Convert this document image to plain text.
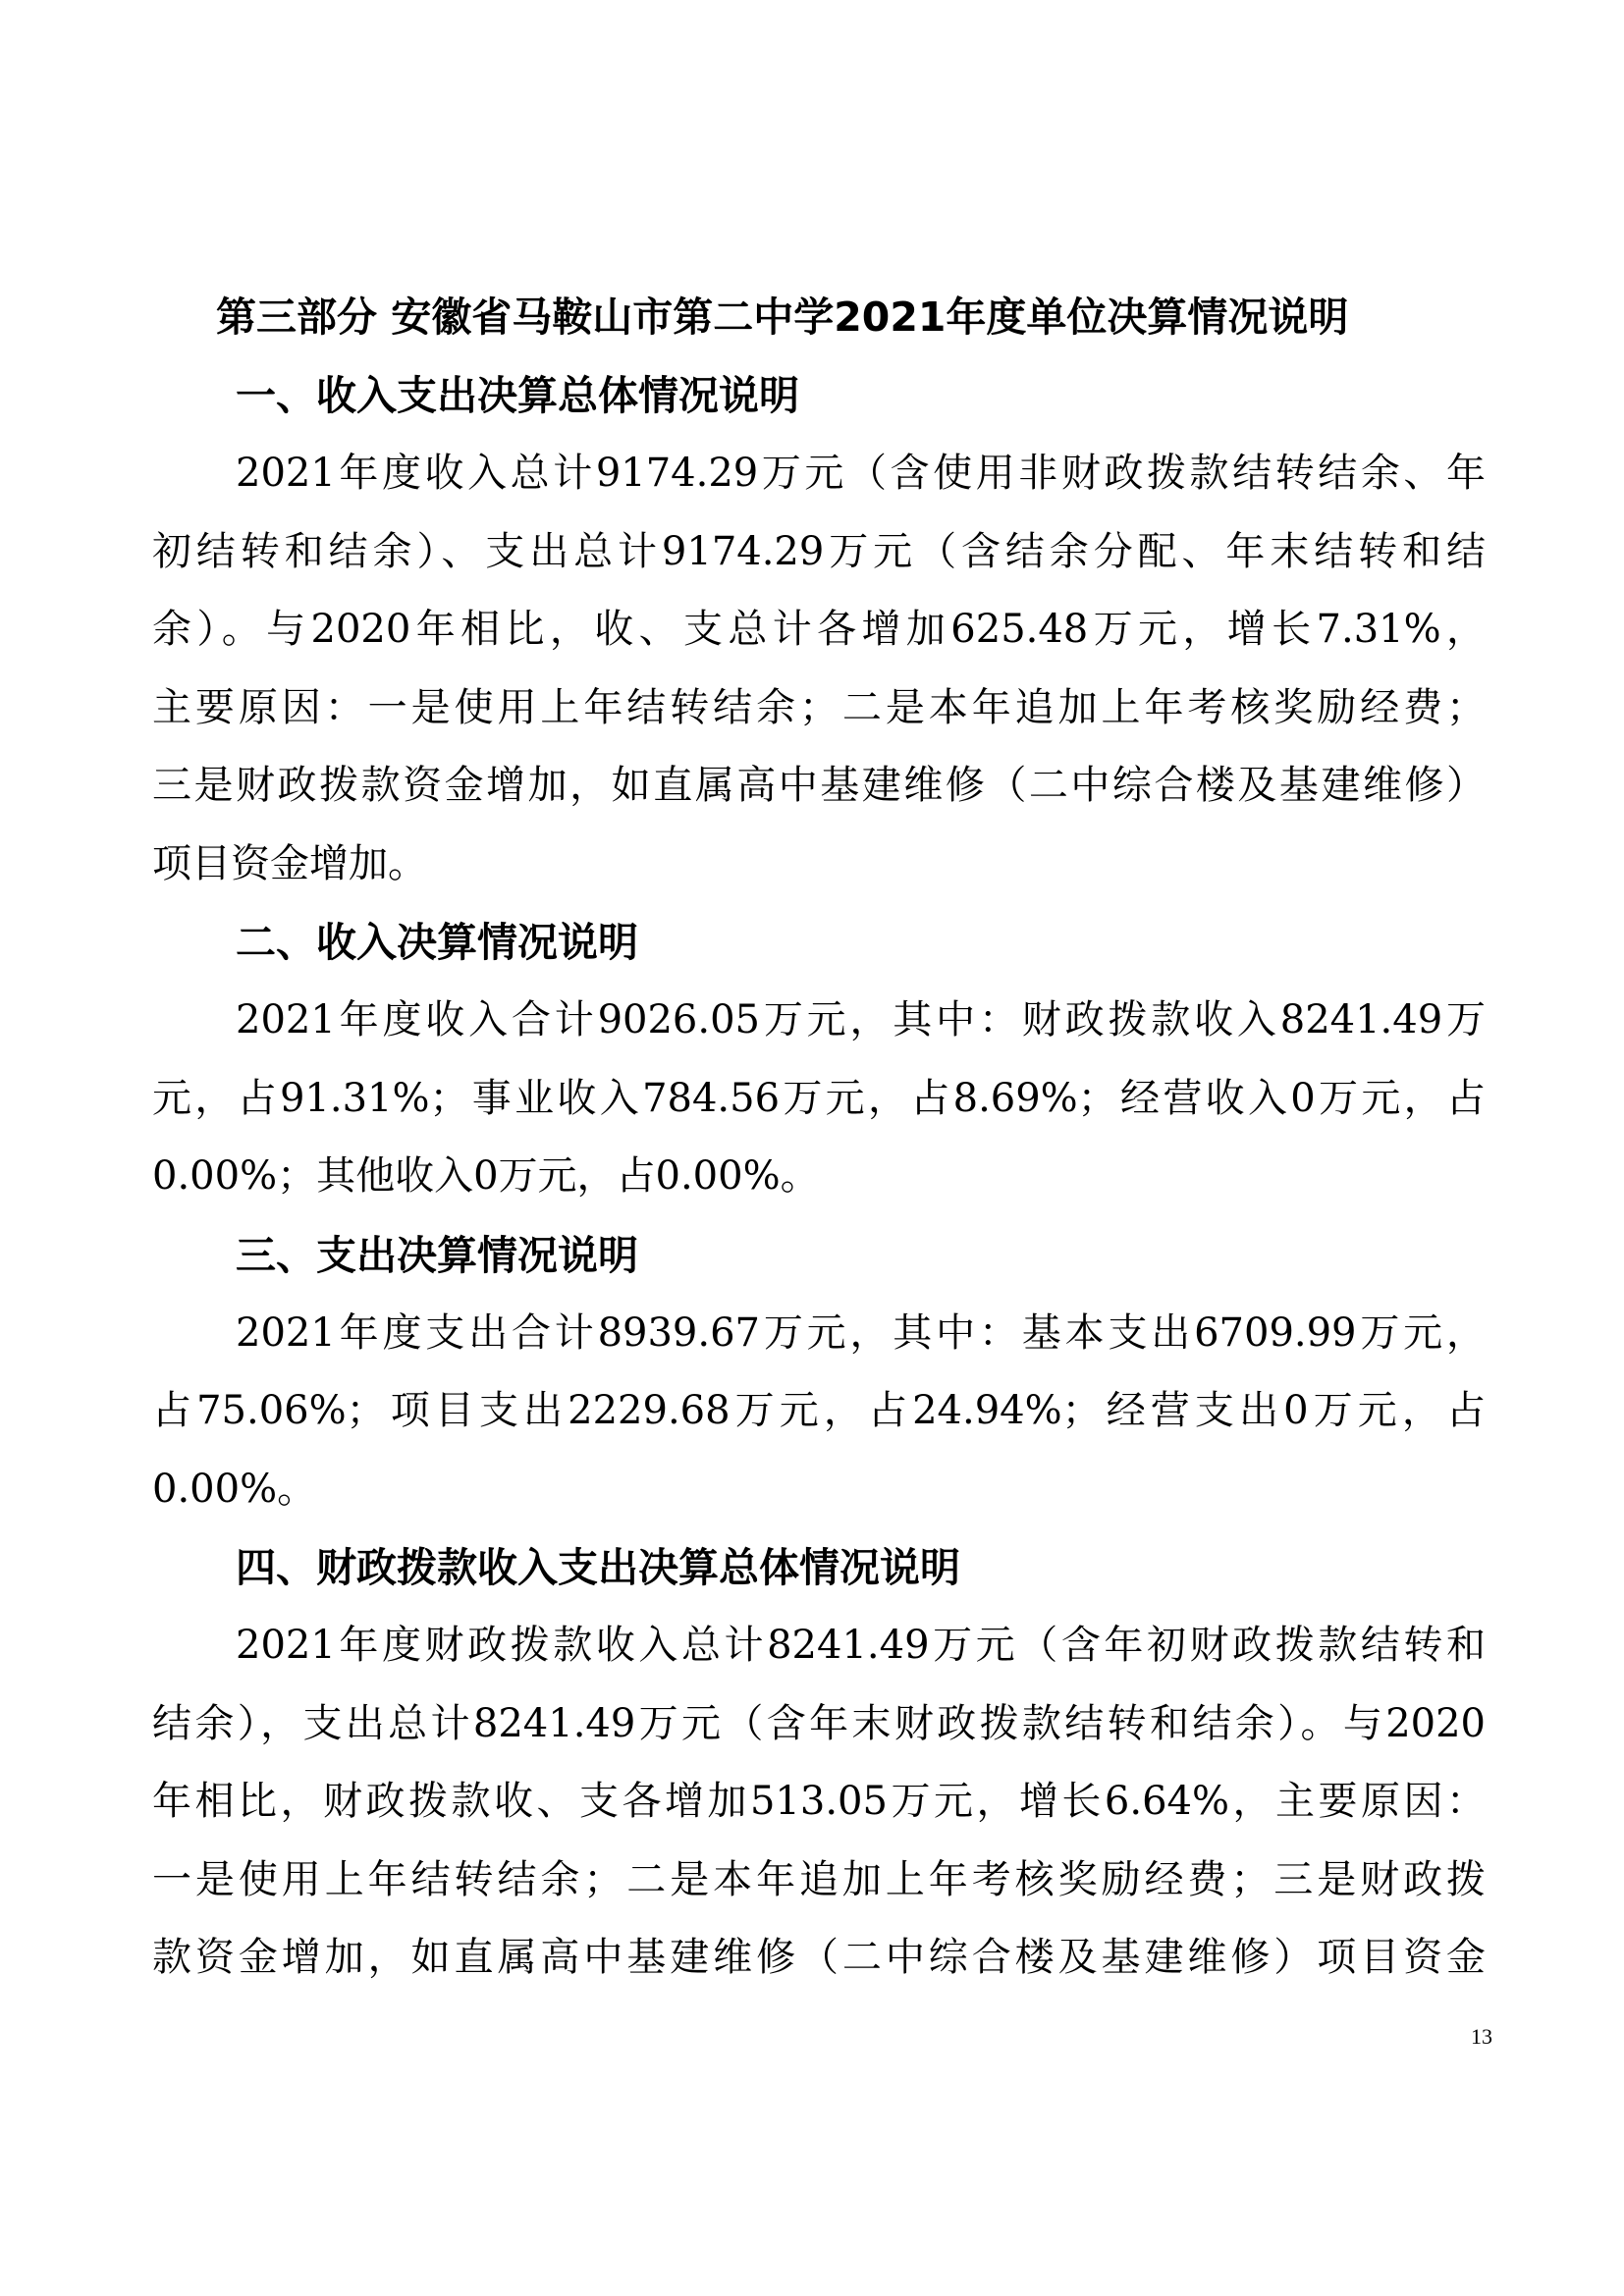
第三部分 安徽省马鞍山市第二中学2021年度单位决算情况说明
一、收入支出决算总体情况说明
2021年度收入总计9174.29万元（含使用非财政拨款结转结余、年
初结转和结余）、支出总计9174.29万元（含结余分配、年末结转和结
余）。与2020年相比，收、支总计各增加625.48万元，增长7.31%，
主要原因：一是使用上年结转结余；二是本年追加上年考核奖励经费；
三是财政拨款资金增加，如直属高中基建维修（二中综合楼及基建维修）
项目资金增加。
二、收入决算情况说明
2021年度收入合计9026.05万元，其中：财政拨款收入8241.49万
元，占91.31%；事业收入784.56万元，占8.69%；经营收入0万元，占
0.00%；其他收入0万元，占0.00%。
三、支出决算情况说明
2021年度支出合计8939.67万元，其中：基本支出6709.99万元，
占75.06%；项目支出2229.68万元，占24.94%；经营支出0万元，占
0.00%。
四、财政拨款收入支出决算总体情况说明
2021年度财政拨款收入总计8241.49万元（含年初财政拨款结转和
结余），支出总计8241.49万元（含年末财政拨款结转和结余）。与2020
年相比，财政拨款收、支各增加513.05万元，增长6.64%，主要原因：
一是使用上年结转结余；二是本年追加上年考核奖励经费；三是财政拨
款资金增加，如直属高中基建维修（二中综合楼及基建维修）项目资金
13
